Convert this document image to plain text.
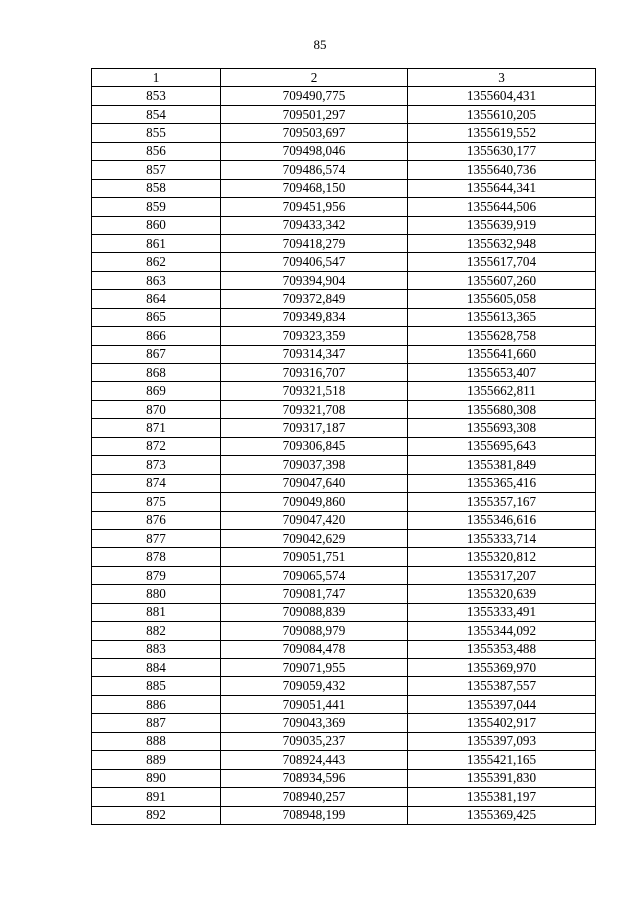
85
1	2	3
853	709490,775	1355604,431
854	709501,297	1355610,205
855	709503,697	1355619,552
856	709498,046	1355630,177
857	709486,574	1355640,736
858	709468,150	1355644,341
859	709451,956	1355644,506
860	709433,342	1355639,919
861	709418,279	1355632,948
862	709406,547	1355617,704
863	709394,904	1355607,260
864	709372,849	1355605,058
865	709349,834	1355613,365
866	709323,359	1355628,758
867	709314,347	1355641,660
868	709316,707	1355653,407
869	709321,518	1355662,811
870	709321,708	1355680,308
871	709317,187	1355693,308
872	709306,845	1355695,643
873	709037,398	1355381,849
874	709047,640	1355365,416
875	709049,860	1355357,167
876	709047,420	1355346,616
877	709042,629	1355333,714
878	709051,751	1355320,812
879	709065,574	1355317,207
880	709081,747	1355320,639
881	709088,839	1355333,491
882	709088,979	1355344,092
883	709084,478	1355353,488
884	709071,955	1355369,970
885	709059,432	1355387,557
886	709051,441	1355397,044
887	709043,369	1355402,917
888	709035,237	1355397,093
889	708924,443	1355421,165
890	708934,596	1355391,830
891	708940,257	1355381,197
892	708948,199	1355369,425
